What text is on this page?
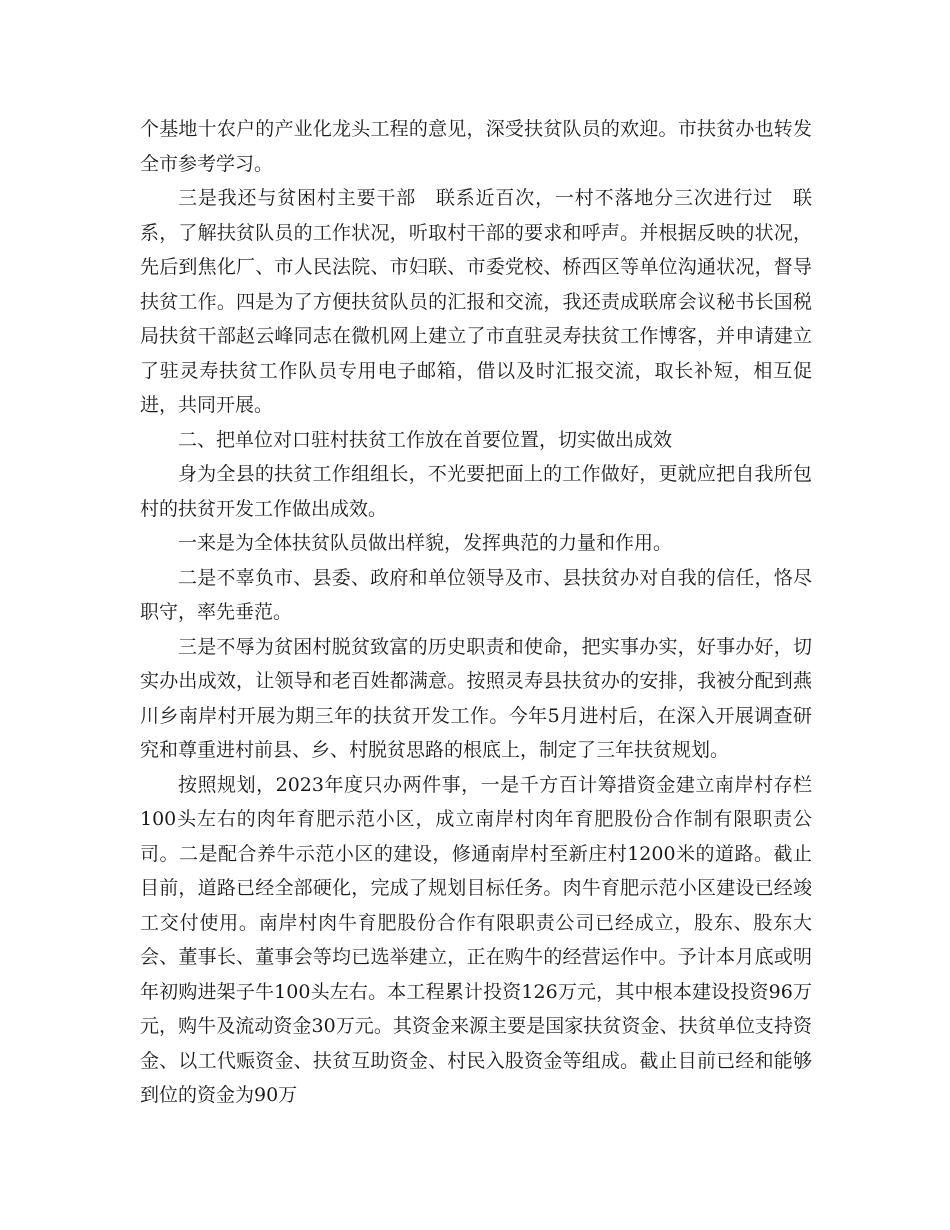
个基地十农户的产业化龙头工程的意见，深受扶贫队员的欢迎。市扶贫办也转发全市参考学习。

三是我还与贫困村主要干部　联系近百次，一村不落地分三次进行过　联系，了解扶贫队员的工作状况，听取村干部的要求和呼声。并根据反映的状况，先后到焦化厂、市人民法院、市妇联、市委党校、桥西区等单位沟通状况，督导扶贫工作。四是为了方便扶贫队员的汇报和交流，我还责成联席会议秘书长国税局扶贫干部赵云峰同志在微机网上建立了市直驻灵寿扶贫工作博客，并申请建立了驻灵寿扶贫工作队员专用电子邮箱，借以及时汇报交流，取长补短，相互促进，共同开展。

二、把单位对口驻村扶贫工作放在首要位置，切实做出成效

身为全县的扶贫工作组组长，不光要把面上的工作做好，更就应把自我所包村的扶贫开发工作做出成效。

一来是为全体扶贫队员做出样貌，发挥典范的力量和作用。

二是不辜负市、县委、政府和单位领导及市、县扶贫办对自我的信任，恪尽职守，率先垂范。

三是不辱为贫困村脱贫致富的历史职责和使命，把实事办实，好事办好，切实办出成效，让领导和老百姓都满意。按照灵寿县扶贫办的安排，我被分配到燕川乡南岸村开展为期三年的扶贫开发工作。今年5月进村后，在深入开展调查研究和尊重进村前县、乡、村脱贫思路的根底上，制定了三年扶贫规划。

按照规划，2023年度只办两件事，一是千方百计筹措资金建立南岸村存栏100头左右的肉年育肥示范小区，成立南岸村肉年育肥股份合作制有限职责公司。二是配合养牛示范小区的建设，修通南岸村至新庄村1200米的道路。截止目前，道路已经全部硬化，完成了规划目标任务。肉牛育肥示范小区建设已经竣工交付使用。南岸村肉牛育肥股份合作有限职责公司已经成立，股东、股东大会、董事长、董事会等均已选举建立，正在购牛的经营运作中。予计本月底或明年初购进架子牛100头左右。本工程累计投资126万元，其中根本建设投资96万元，购牛及流动资金30万元。其资金来源主要是国家扶贫资金、扶贫单位支持资金、以工代赈资金、扶贫互助资金、村民入股资金等组成。截止目前已经和能够到位的资金为90万
